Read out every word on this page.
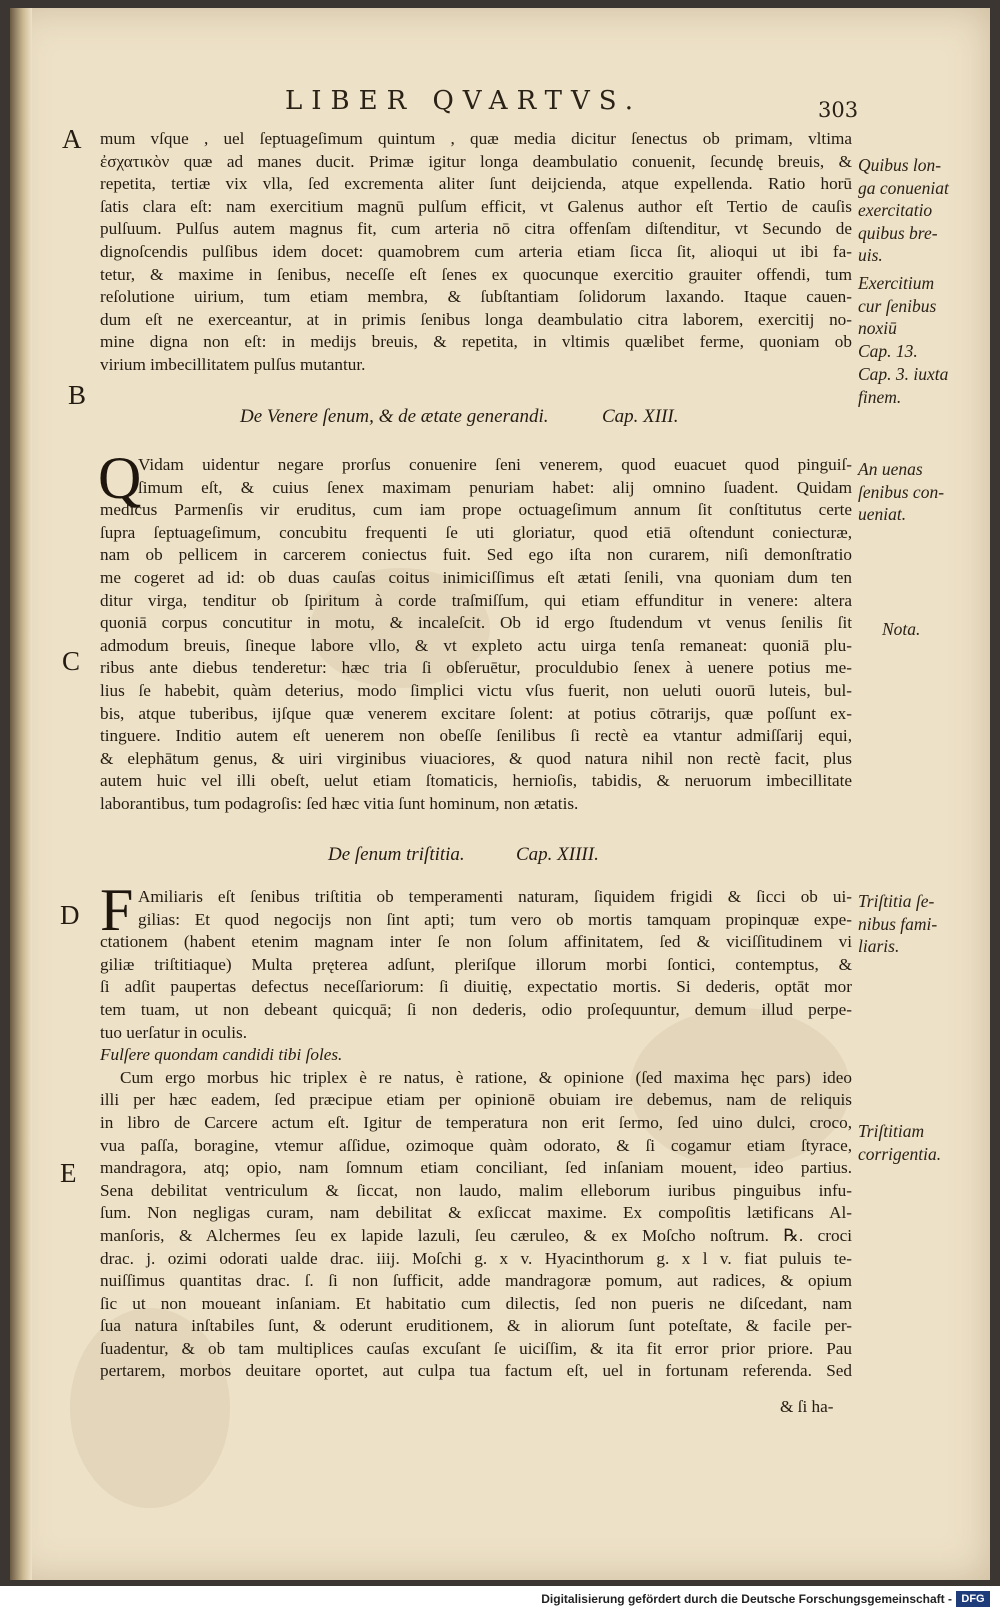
LIBER QVARTVS.	303
A
B
C
D
E
mum vſque , uel ſeptuageſimum quintum , quæ media dicitur ſenectus ob primam, vltima
ἐσχατικὸν quæ ad manes ducit. Primæ igitur longa deambulatio conuenit, ſecundę breuis, &
repetita, tertiæ vix vlla, ſed excrementa aliter ſunt deijcienda, atque expellenda. Ratio horū
ſatis clara eſt: nam exercitium magnū pulſum efficit, vt Galenus author eſt Tertio de cauſis
pulſuum. Pulſus autem magnus fit, cum arteria nō citra offenſam diſtenditur, vt Secundo de
dignoſcendis pulſibus idem docet: quamobrem cum arteria etiam ſicca ſit, alioqui ut ibi fa-
tetur, & maxime in ſenibus, neceſſe eſt ſenes ex quocunque exercitio grauiter offendi, tum
reſolutione uirium, tum etiam membra, & ſubſtantiam ſolidorum laxando. Itaque cauen-
dum eſt ne exerceantur, at in primis ſenibus longa deambulatio citra laborem, exercitij no-
mine digna non eſt: in medijs breuis, & repetita, in vltimis quælibet ferme, quoniam ob
virium imbecillitatem pulſus mutantur.
De Venere ſenum, & de ætate generandi.	Cap. XIII.
Q
Vidam uidentur negare prorſus conuenire ſeni venerem, quod euacuet quod pinguiſ-
ſimum eſt, & cuius ſenex maximam penuriam habet: alij omnino ſuadent. Quidam
medicus Parmenſis vir eruditus, cum iam prope octuageſimum annum ſit conſtitutus certe
ſupra ſeptuageſimum, concubitu frequenti ſe uti gloriatur, quod etiā oſtendunt coniecturæ,
nam ob pellicem in carcerem coniectus fuit. Sed ego iſta non curarem, niſi demonſtratio
me cogeret ad id: ob duas cauſas coitus inimiciſſimus eſt ætati ſenili, vna quoniam dum ten
ditur virga, tenditur ob ſpiritum à corde traſmiſſum, qui etiam effunditur in venere: altera
quoniā corpus concutitur in motu, & incaleſcit. Ob id ergo ſtudendum vt venus ſenilis ſit
admodum breuis, ſineque labore vllo, & vt expleto actu uirga tenſa remaneat: quoniā plu-
ribus ante diebus tenderetur: hæc tria ſi obſeruētur, proculdubio ſenex à uenere potius me-
lius ſe habebit, quàm deterius, modo ſimplici victu vſus fuerit, non ueluti ouorū luteis, bul-
bis, atque tuberibus, ijſque quæ venerem excitare ſolent: at potius cōtrarijs, quæ poſſunt ex-
tinguere. Inditio autem eſt uenerem non obeſſe ſenilibus ſi rectè ea vtantur admiſſarij equi,
& elephātum genus, & uiri virginibus viuaciores, & quod natura nihil non rectè facit, plus
autem huic vel illi obeſt, uelut etiam ſtomaticis, hernioſis, tabidis, & neruorum imbecillitate
laborantibus, tum podagroſis: ſed hæc vitia ſunt hominum, non ætatis.
De ſenum triſtitia.	Cap. XIIII.
F Amiliaris eſt ſenibus triſtitia ob temperamenti naturam, ſiquidem frigidi & ſicci ob ui-
gilias: Et quod negocijs non ſint apti; tum vero ob mortis tamquam propinquæ expe-
ctationem (habent etenim magnam inter ſe non ſolum affinitatem, ſed & viciſſitudinem vi
giliæ triſtitiaque) Multa pręterea adſunt, pleriſque illorum morbi ſontici, contemptus, &
ſi adſit paupertas defectus neceſſariorum: ſi diuitię, expectatio mortis. Si dederis, optāt mor
tem tuam, ut non debeant quicquā; ſi non dederis, odio proſequuntur, demum illud perpe-
tuo uerſatur in oculis.
Fulſere quondam candidi tibi ſoles.
Cum ergo morbus hic triplex è re natus, è ratione, & opinione (ſed maxima hęc pars) ideo
illi per hæc eadem, ſed præcipue etiam per opinionē obuiam ire debemus, nam de reliquis
in libro de Carcere actum eſt. Igitur de temperatura non erit ſermo, ſed uino dulci, croco,
vua paſſa, boragine, vtemur aſſidue, ozimoque quàm odorato, & ſi cogamur etiam ſtyrace,
mandragora, atq; opio, nam ſomnum etiam conciliant, ſed inſaniam mouent, ideo partius.
Sena debilitat ventriculum & ſiccat, non laudo, malim elleborum iuribus pinguibus infu-
ſum. Non negligas curam, nam debilitat & exſiccat maxime. Ex compoſitis lætificans Al-
manſoris, & Alchermes ſeu ex lapide lazuli, ſeu cæruleo, & ex Moſcho noſtrum. ℞. croci
drac. j. ozimi odorati ualde drac. iiij. Moſchi g. x v. Hyacinthorum g. x l v. fiat puluis te-
nuiſſimus quantitas drac. ſ. ſi non ſufficit, adde mandragoræ pomum, aut radices, & opium
ſic ut non moueant inſaniam. Et habitatio cum dilectis, ſed non pueris ne diſcedant, nam
ſua natura inſtabiles ſunt, & oderunt eruditionem, & in aliorum ſunt poteſtate, & facile per-
ſuadentur, & ob tam multiplices cauſas excuſant ſe uiciſſim, & ita fit error prior priore. Pau
pertarem, morbos deuitare oportet, aut culpa tua factum eſt, uel in fortunam referenda. Sed
& ſi ha-
Quibus lon-
ga conueniat
exercitatio
quibus bre-
uis.
Exercitium
cur ſenibus
noxiū
Cap. 13.
Cap. 3. iuxta
finem.
An uenas
ſenibus con-
ueniat.
Nota.
Triſtitia ſe-
nibus fami-
liaris.
Triſtitiam
corrigentia.
Digitalisierung gefördert durch die Deutsche Forschungsgemeinschaft - DFG
